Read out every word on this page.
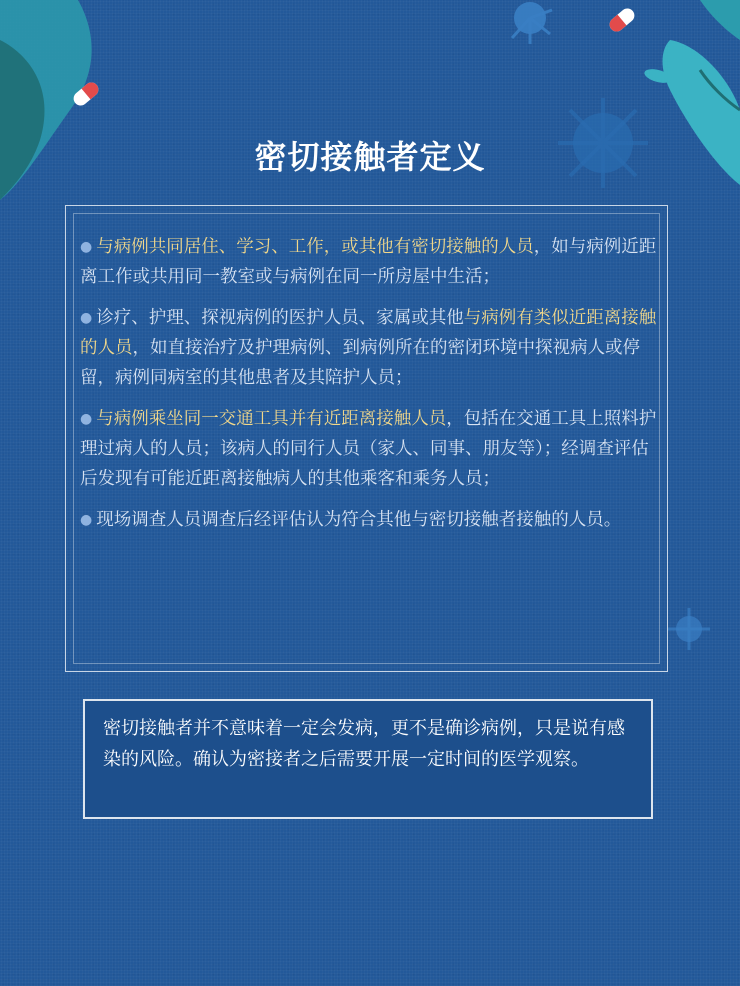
密切接触者定义
● 与病例共同居住、学习、工作，或其他有密切接触的人员，如与病例近距离工作或共用同一教室或与病例在同一所房屋中生活；
● 诊疗、护理、探视病例的医护人员、家属或其他与病例有类似近距离接触的人员，如直接治疗及护理病例、到病例所在的密闭环境中探视病人或停留，病例同病室的其他患者及其陪护人员；
● 与病例乘坐同一交通工具并有近距离接触人员，包括在交通工具上照料护理过病人的人员；该病人的同行人员（家人、同事、朋友等）；经调查评估后发现有可能近距离接触病人的其他乘客和乘务人员；
● 现场调查人员调查后经评估认为符合其他与密切接触者接触的人员。
密切接触者并不意味着一定会发病，更不是确诊病例，只是说有感染的风险。确认为密接者之后需要开展一定时间的医学观察。
